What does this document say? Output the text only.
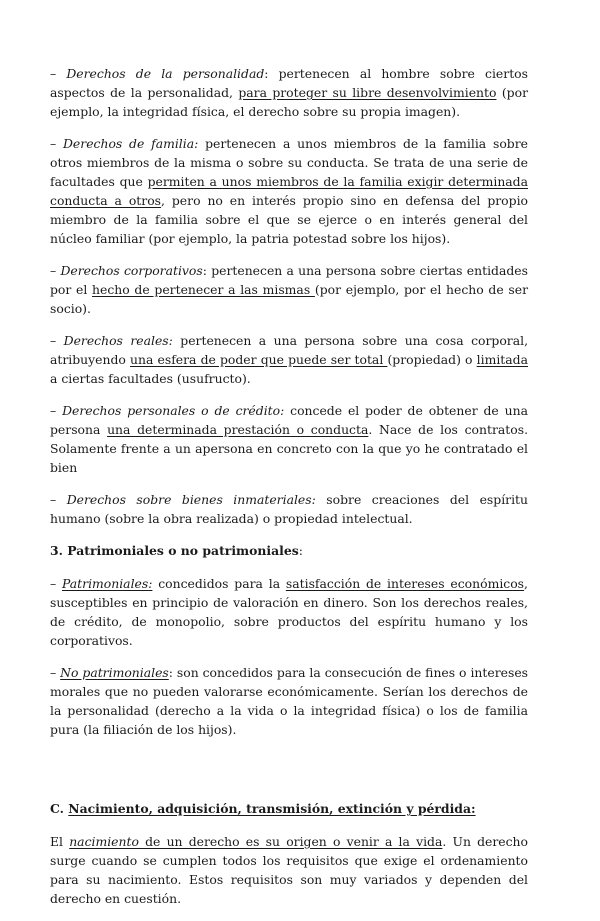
– Derechos de la personalidad: pertenecen al hombre sobre ciertos aspectos de la personalidad, para proteger su libre desenvolvimiento (por ejemplo, la integridad física, el derecho sobre su propia imagen).

– Derechos de familia: pertenecen a unos miembros de la familia sobre otros miembros de la misma o sobre su conducta. Se trata de una serie de facultades que permiten a unos miembros de la familia exigir determinada conducta a otros, pero no en interés propio sino en defensa del propio miembro de la familia sobre el que se ejerce o en interés general del núcleo familiar (por ejemplo, la patria potestad sobre los hijos).

– Derechos corporativos: pertenecen a una persona sobre ciertas entidades por el hecho de pertenecer a las mismas (por ejemplo, por el hecho de ser socio).

– Derechos reales: pertenecen a una persona sobre una cosa corporal, atribuyendo una esfera de poder que puede ser total (propiedad) o limitada a ciertas facultades (usufructo).

– Derechos personales o de crédito: concede el poder de obtener de una persona una determinada prestación o conducta. Nace de los contratos. Solamente frente a un apersona en concreto con la que yo he contratado el bien

– Derechos sobre bienes inmateriales: sobre creaciones del espíritu humano (sobre la obra realizada) o propiedad intelectual.

3. Patrimoniales o no patrimoniales:

– Patrimoniales: concedidos para la satisfacción de intereses económicos, susceptibles en principio de valoración en dinero. Son los derechos reales, de crédito, de monopolio, sobre productos del espíritu humano y los corporativos.

– No patrimoniales: son concedidos para la consecución de fines o intereses morales que no pueden valorarse económicamente. Serían los derechos de la personalidad (derecho a la vida o la integridad física) o los de familia pura (la filiación de los hijos).

C. Nacimiento, adquisición, transmisión, extinción y pérdida:

El nacimiento de un derecho es su origen o venir a la vida. Un derecho surge cuando se cumplen todos los requisitos que exige el ordenamiento para su nacimiento. Estos requisitos son muy variados y dependen del derecho en cuestión.
